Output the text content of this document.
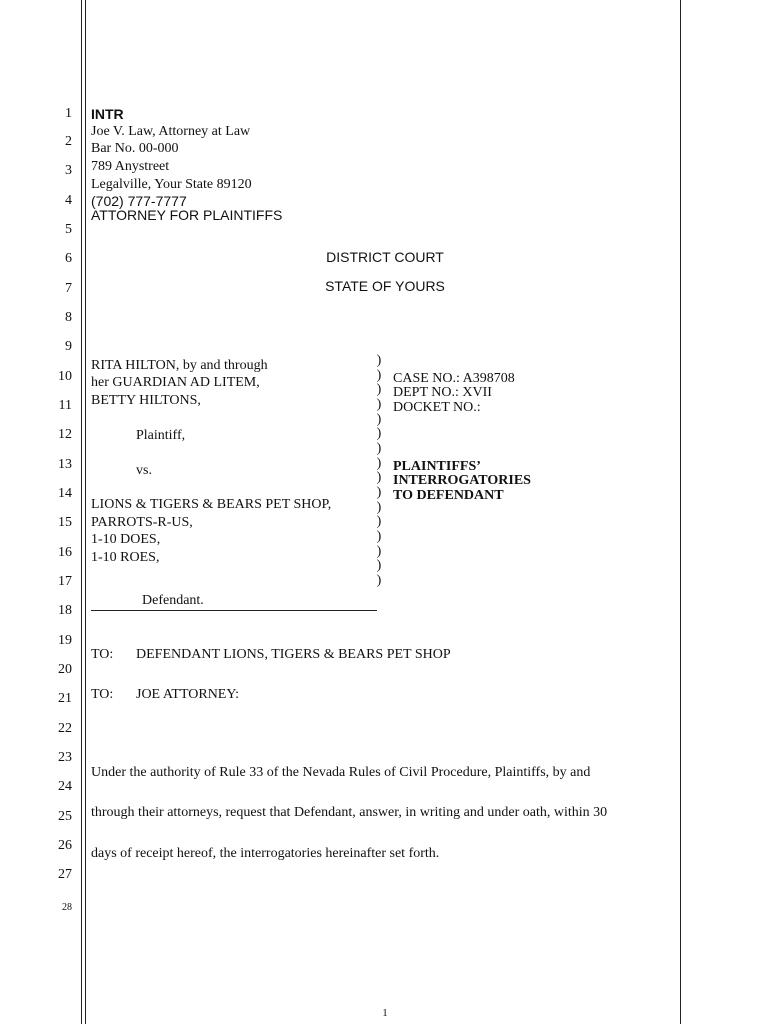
1
2
3
4
5
6
7
8
9
10
11
12
13
14
15
16
17
18
19
20
21
22
23
24
25
26
27
28
INTR
Joe V. Law, Attorney at Law
Bar No. 00-000
789 Anystreet
Legalville, Your State 89120
(702) 777-7777
ATTORNEY FOR PLAINTIFFS
DISTRICT COURT
STATE OF YOURS
RITA HILTON, by and through
her GUARDIAN AD LITEM,
BETTY HILTONS,
Plaintiff,
vs.
LIONS & TIGERS & BEARS PET SHOP,
PARROTS-R-US,
1-10 DOES,
1-10 ROES,
Defendant.
)
)
)
)
)
)
)
)
)
)
)
)
)
)
)
)
CASE NO.: A398708
DEPT NO.: XVII
DOCKET NO.:
PLAINTIFFS’
INTERROGATORIES
TO DEFENDANT
TO: DEFENDANT LIONS, TIGERS & BEARS PET SHOP
TO: JOE ATTORNEY:
Under the authority of Rule 33 of the Nevada Rules of Civil Procedure, Plaintiffs, by and
through their attorneys, request that Defendant, answer, in writing and under oath, within 30
days of receipt hereof, the interrogatories hereinafter set forth.
1
